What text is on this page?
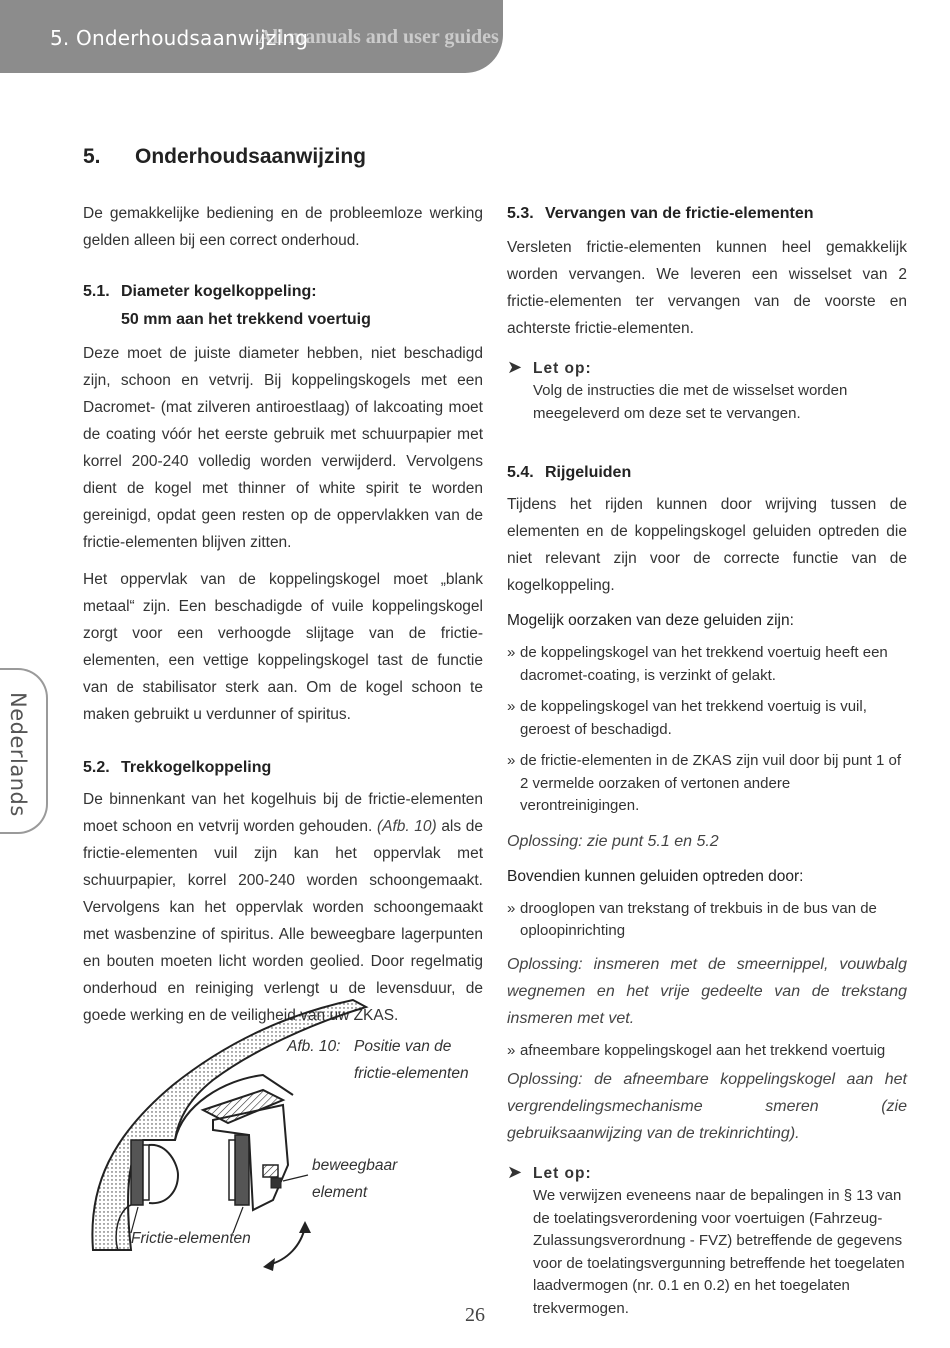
5. Onderhoudsaanwijzing
All manuals and user guides at all-guides.com
Nederlands
5. Onderhoudsaanwijzing

De gemakkelijke bediening en de probleemloze werking gelden alleen bij een correct onderhoud.

5.1. Diameter kogelkoppeling:
50 mm aan het trekkend voertuig

Deze moet de juiste diameter hebben, niet beschadigd zijn, schoon en vetvrij. Bij koppelingskogels met een Dacromet- (mat zilveren antiroestlaag) of lakcoating moet de coating vóór het eerste gebruik met schuurpapier met korrel 200-240 volledig worden verwijderd. Vervolgens dient de kogel met thinner of white spirit te worden gereinigd, opdat geen resten op de oppervlakken van de frictie-elementen blijven zitten.

Het oppervlak van de koppelingskogel moet „blank metaal“ zijn. Een beschadigde of vuile koppelingskogel zorgt voor een verhoogde slijtage van de frictie-elementen, een vettige koppelingskogel tast de functie van de stabilisator sterk aan. Om de kogel schoon te maken gebruikt u verdunner of spiritus.

5.2. Trekkogelkoppeling

De binnenkant van het kogelhuis bij de frictie-elementen moet schoon en vetvrij worden gehouden. (Afb. 10) als de frictie-elementen vuil zijn kan het oppervlak met schuurpapier, korrel 200-240 worden schoongemaakt. Vervolgens kan het oppervlak worden schoongemaakt met wasbenzine of spiritus. Alle beweegbare lagerpunten en bouten moeten licht worden geolied. Door regelmatig onderhoud en reiniging verlengt u de levensduur, de goede werking en de veiligheid van uw ZKAS.

Afb. 10: Positie van de
frictie-elementen
beweegbaar
element
Frictie-elementen
5.3. Vervangen van de frictie-elementen

Versleten frictie-elementen kunnen heel gemakkelijk worden vervangen. We leveren een wisselset van 2 frictie-elementen ter vervangen van de voorste en achterste frictie-elementen.

➤ Let op:

Volg de instructies die met de wisselset worden meegeleverd om deze set te vervangen.

5.4. Rijgeluiden

Tijdens het rijden kunnen door wrijving tussen de elementen en de koppelingskogel geluiden optreden die niet relevant zijn voor de correcte functie van de kogelkoppeling.

Mogelijk oorzaken van deze geluiden zijn:

» de koppelingskogel van het trekkend voertuig heeft een dacromet-coating, is verzinkt of gelakt.
» de koppelingskogel van het trekkend voertuig is vuil, geroest of beschadigd.
» de frictie-elementen in de ZKAS zijn vuil door bij punt 1 of 2 vermelde oorzaken of vertonen andere verontreinigingen.

Oplossing: zie punt 5.1 en 5.2

Bovendien kunnen geluiden optreden door:

» drooglopen van trekstang of trekbuis in de bus van de oploopinrichting

Oplossing: insmeren met de smeernippel, vouwbalg wegnemen en het vrije gedeelte van de trekstang insmeren met vet.

» afneembare koppelingskogel aan het trekkend voertuig

Oplossing: de afneembare koppelingskogel aan het vergrendelingsmechanisme smeren (zie gebruiksaanwijzing van de trekinrichting).

➤ Let op:

We verwijzen eveneens naar de bepalingen in § 13 van de toelatingsverordening voor voertuigen (Fahrzeug-Zulassungsverordnung - FVZ) betreffende de gegevens voor de toelatingsvergunning betreffende het toegelaten laadvermogen (nr. 0.1 en 0.2) en het toegelaten trekvermogen.

26
